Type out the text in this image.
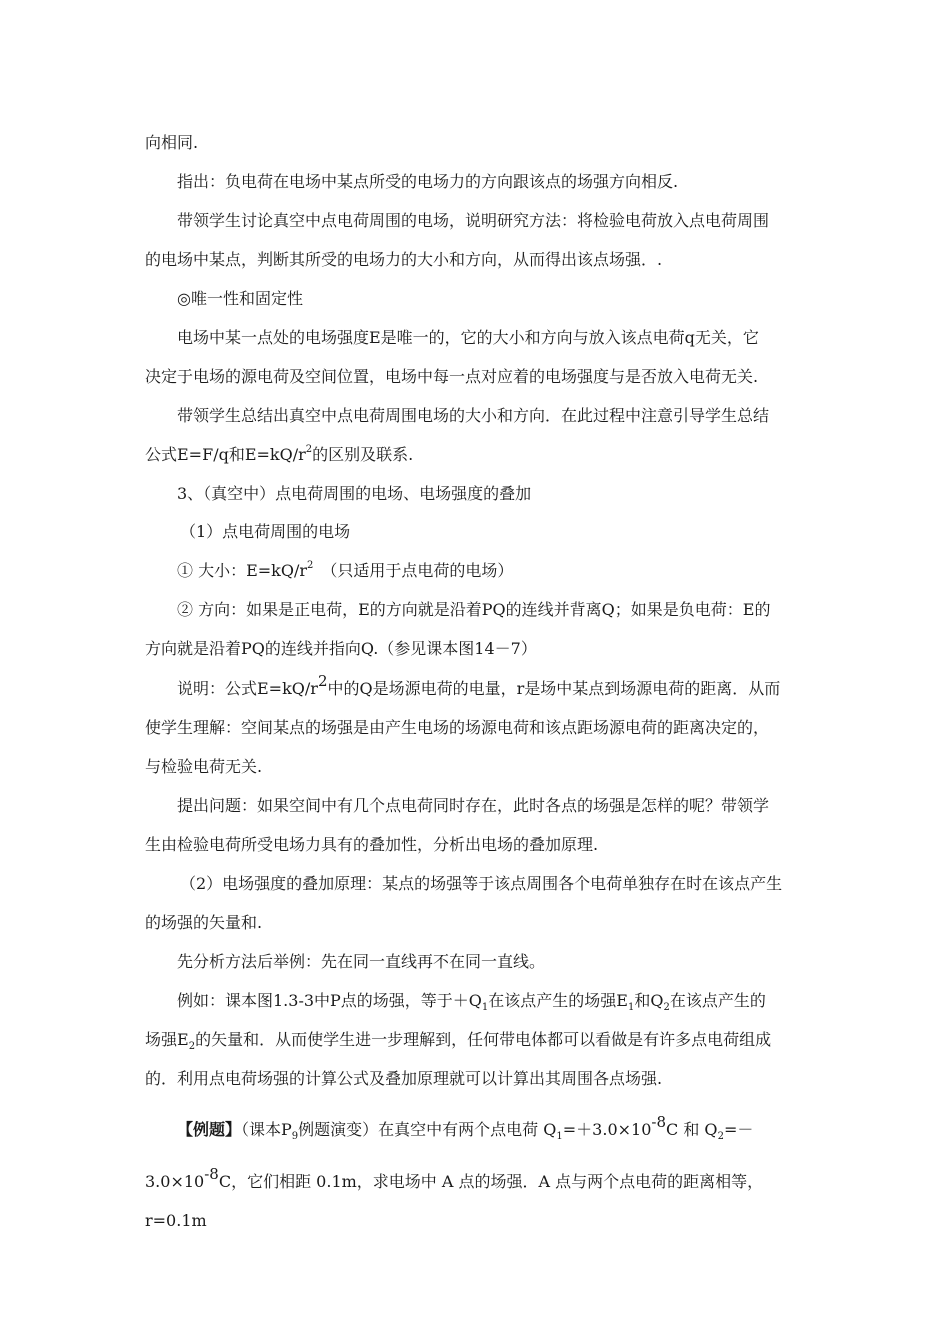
向相同.
指出：负电荷在电场中某点所受的电场力的方向跟该点的场强方向相反.
带领学生讨论真空中点电荷周围的电场，说明研究方法：将检验电荷放入点电荷周围
的电场中某点，判断其所受的电场力的大小和方向，从而得出该点场强．.
◎唯一性和固定性
电场中某一点处的电场强度E是唯一的，它的大小和方向与放入该点电荷q无关，它
决定于电场的源电荷及空间位置，电场中每一点对应着的电场强度与是否放入电荷无关.
带领学生总结出真空中点电荷周围电场的大小和方向．在此过程中注意引导学生总结
公式E=F/q和$E=kQ/r^2$的区别及联系.
3、（真空中）点电荷周围的电场、电场强度的叠加
（1）点电荷周围的电场
① 大小：$E=kQ/r^2$　（只适用于点电荷的电场）
② 方向：如果是正电荷，E的方向就是沿着PQ的连线并背离Q；如果是负电荷：E的
方向就是沿着PQ的连线并指向Q.（参见课本图14－7）
说明：公式$E=kQ/r^2$中的Q是场源电荷的电量，r是场中某点到场源电荷的距离．从而
使学生理解：空间某点的场强是由产生电场的场源电荷和该点距场源电荷的距离决定的，
与检验电荷无关.
提出问题：如果空间中有几个点电荷同时存在，此时各点的场强是怎样的呢？带领学
生由检验电荷所受电场力具有的叠加性，分析出电场的叠加原理.
（2）电场强度的叠加原理：某点的场强等于该点周围各个电荷单独存在时在该点产生
的场强的矢量和.
先分析方法后举例：先在同一直线再不在同一直线。
例如：课本图1.3-3中P点的场强，等于$+Q_1$在该点产生的场强$E_1$和$Q_2$在该点产生的
场强$E_2$的矢量和．从而使学生进一步理解到，任何带电体都可以看做是有许多点电荷组成
的．利用点电荷场强的计算公式及叠加原理就可以计算出其周围各点场强.
【例题】（课本$P_9$例题演变）在真空中有两个点电荷 $Q_1=+3.0\times 10^{-8}C$ 和 $Q_2=-$
$3.0\times 10^{-8}C$，它们相距 0.1m，求电场中 A 点的场强．A 点与两个点电荷的距离相等，
r=0.1m
